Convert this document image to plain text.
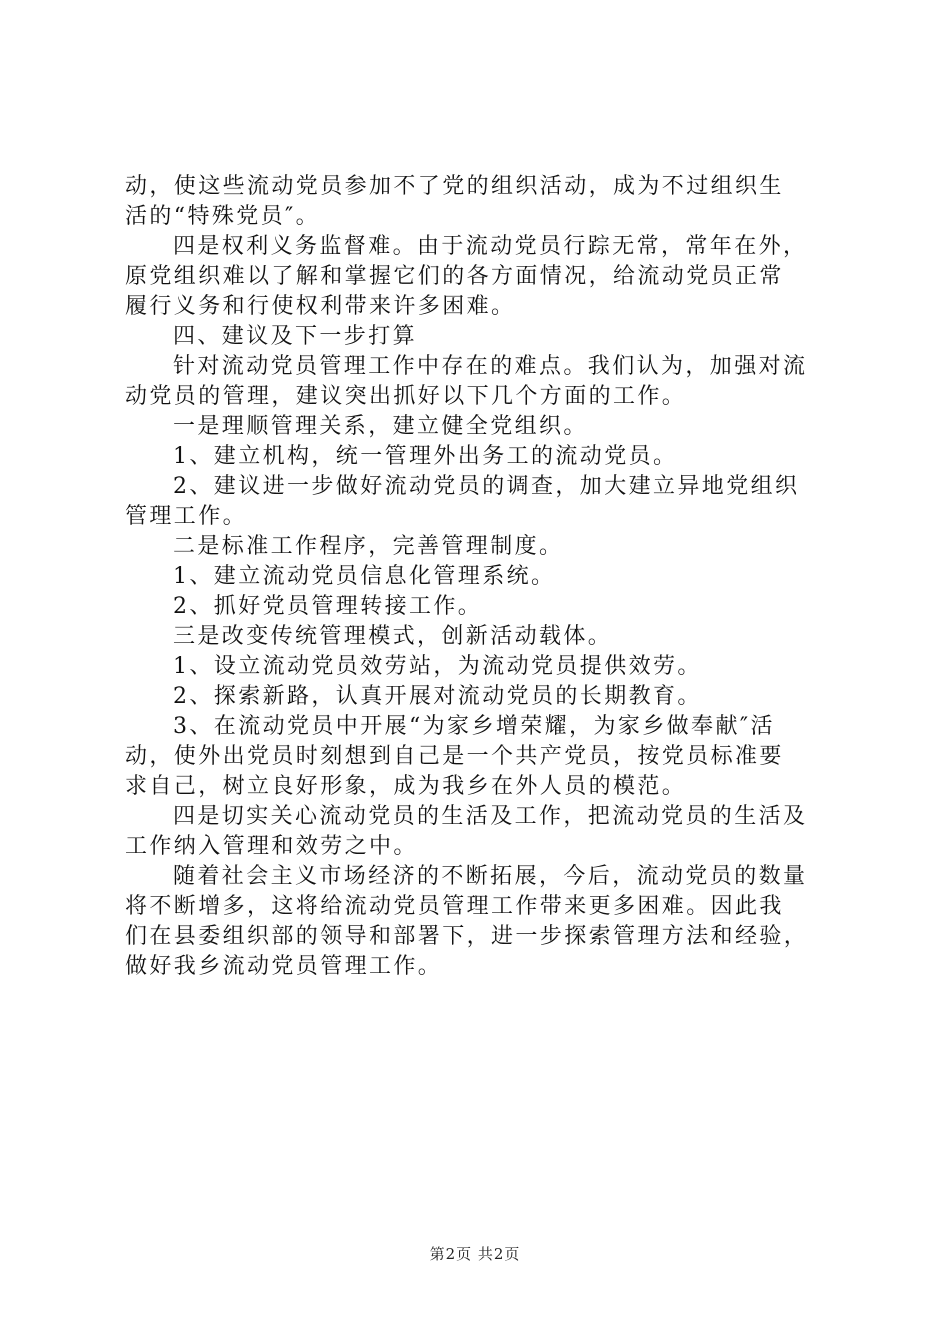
动，使这些流动党员参加不了党的组织活动，成为不过组织生
活的“特殊党员″。
四是权利义务监督难。由于流动党员行踪无常，常年在外，
原党组织难以了解和掌握它们的各方面情况，给流动党员正常
履行义务和行使权利带来许多困难。
四、建议及下一步打算
针对流动党员管理工作中存在的难点。我们认为，加强对流
动党员的管理，建议突出抓好以下几个方面的工作。
一是理顺管理关系，建立健全党组织。
1、建立机构，统一管理外出务工的流动党员。
2、建议进一步做好流动党员的调查，加大建立异地党组织
管理工作。
二是标准工作程序，完善管理制度。
1、建立流动党员信息化管理系统。
2、抓好党员管理转接工作。
三是改变传统管理模式，创新活动载体。
1、设立流动党员效劳站，为流动党员提供效劳。
2、探索新路，认真开展对流动党员的长期教育。
3、在流动党员中开展“为家乡增荣耀，为家乡做奉献″活
动，使外出党员时刻想到自己是一个共产党员，按党员标准要
求自己，树立良好形象，成为我乡在外人员的模范。
四是切实关心流动党员的生活及工作，把流动党员的生活及
工作纳入管理和效劳之中。
随着社会主义市场经济的不断拓展，今后，流动党员的数量
将不断增多，这将给流动党员管理工作带来更多困难。因此我
们在县委组织部的领导和部署下，进一步探索管理方法和经验，
做好我乡流动党员管理工作。
第2页 共2页
